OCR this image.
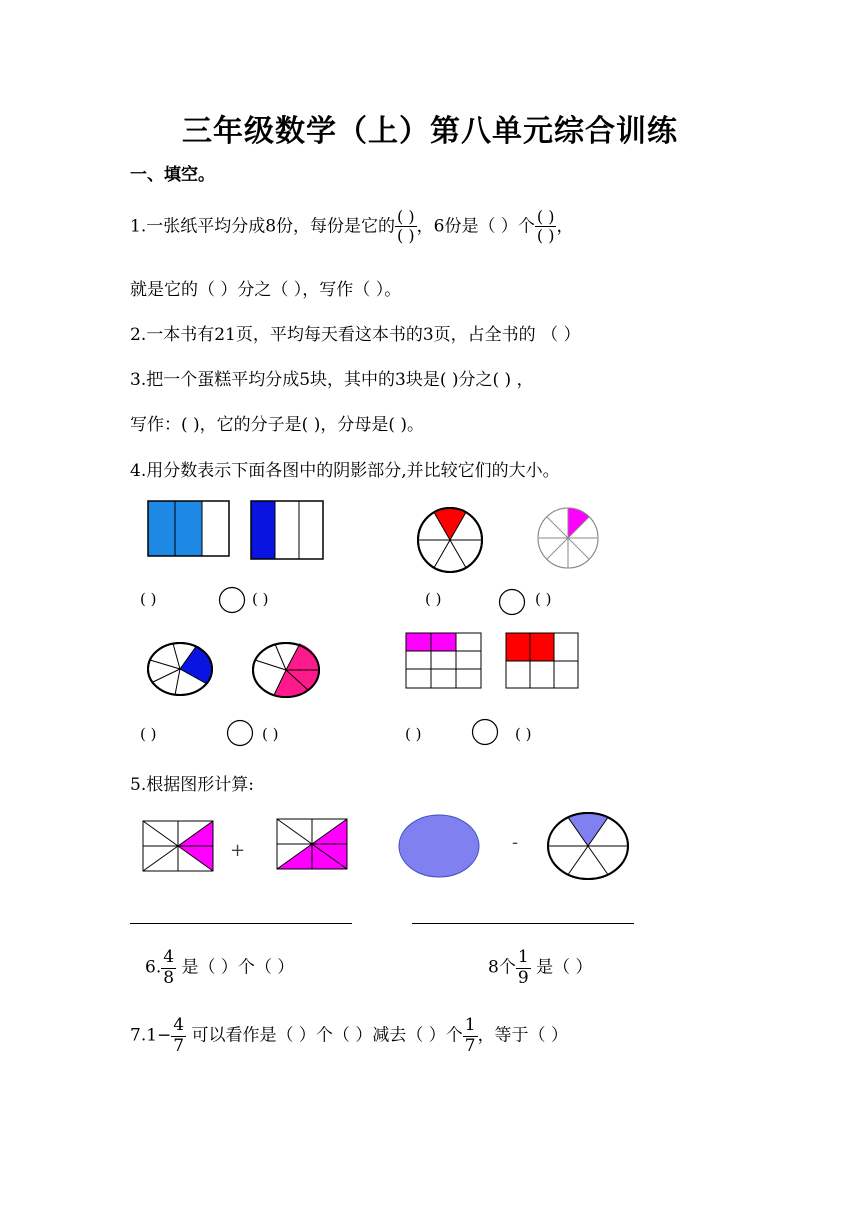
三年级数学（上）第八单元综合训练
一、填空。
1.一张纸平均分成8份，每份是它的 $\frac{( )}{( )}$ ，6份是（ ）个 $\frac{( )}{( )}$ ，
就是它的（ ）分之（ ），写作（ ）。
2.一本书有21页，平均每天看这本书的3页，占全书的 （ ）
3.把一个蛋糕平均分成5块，其中的3块是( )分之( ) ，
写作：( )，它的分子是( )，分母是( )。
4.用分数表示下面各图中的阴影部分,并比较它们的大小。
( )	( )	( )	( )
( )	( )	( )	( )
5.根据图形计算:
+	-
6. $\frac{4}{8}$ 是（ ）个（ ）	8个 $\frac{1}{9}$ 是（ ）
$7.1- \frac{4}{7}$ 可以看作是（ ）个（ ）减去（ ）个 $\frac{1}{7}$ ，等于（ ）
